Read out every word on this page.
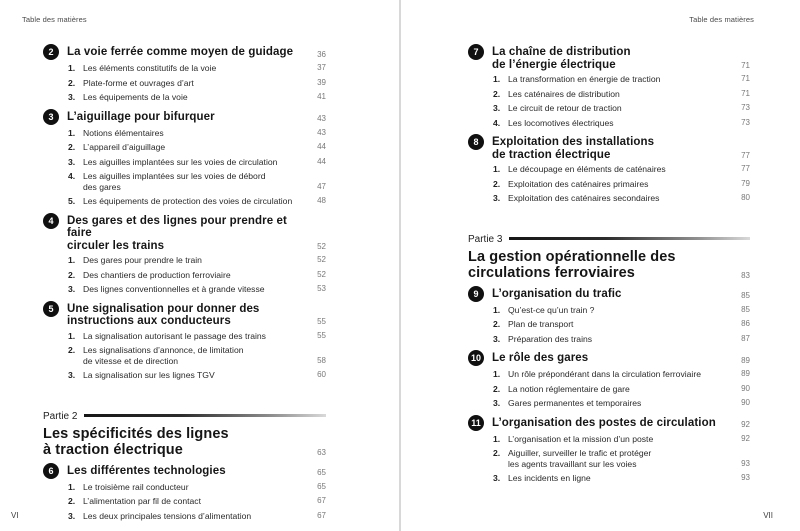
Table des matières
2	La voie ferrée comme moyen de guidage	36
1. Les éléments constitutifs de la voie	37
2. Plate-forme et ouvrages d’art	39
3. Les équipements de la voie	41
3	L’aiguillage pour bifurquer	43
1. Notions élémentaires	43
2. L’appareil d’aiguillage	44
3. Les aiguilles implantées sur les voies de circulation	44
4. Les aiguilles implantées sur les voies de débord
des gares	47
5. Les équipements de protection des voies de circulation	48
4	Des gares et des lignes pour prendre et faire
circuler les trains	52
1. Des gares pour prendre le train	52
2. Des chantiers de production ferroviaire	52
3. Des lignes conventionnelles et à grande vitesse	53
5	Une signalisation pour donner des
instructions aux conducteurs	55
1. La signalisation autorisant le passage des trains	55
2. Les signalisations d’annonce, de limitation
de vitesse et de direction	58
3. La signalisation sur les lignes TGV	60
Partie 2
Les spécificités des lignes
à traction électrique	63
6	Les différentes technologies	65
1. Le troisième rail conducteur	65
2. L’alimentation par fil de contact	67
3. Les deux principales tensions d’alimentation	67
VI
Table des matières
7	La chaîne de distribution
de l’énergie électrique	71
1. La transformation en énergie de traction	71
2. Les caténaires de distribution	71
3. Le circuit de retour de traction	73
4. Les locomotives électriques	73
8	Exploitation des installations
de traction électrique	77
1. Le découpage en éléments de caténaires	77
2. Exploitation des caténaires primaires	79
3. Exploitation des caténaires secondaires	80
Partie 3
La gestion opérationnelle des
circulations ferroviaires	83
9	L’organisation du trafic	85
1. Qu’est-ce qu’un train ?	85
2. Plan de transport	86
3. Préparation des trains	87
10 Le rôle des gares	89
1. Un rôle prépondérant dans la circulation ferroviaire	89
2. La notion réglementaire de gare	90
3. Gares permanentes et temporaires	90
11 L’organisation des postes de circulation	92
1. L’organisation et la mission d’un poste	92
2. Aiguiller, surveiller le trafic et protéger
les agents travaillant sur les voies	93
3. Les incidents en ligne	93
VII
